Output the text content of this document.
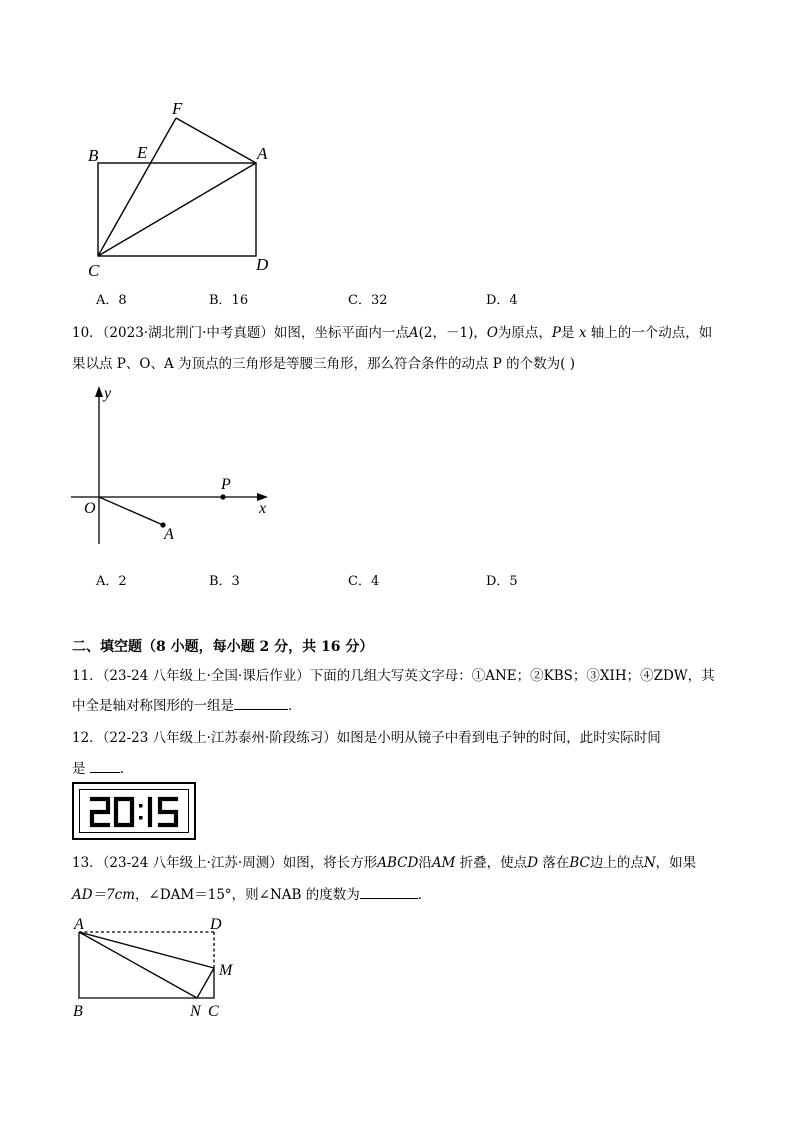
F
B E	A
C	D
A．8	B．16	C．32	D．4
10．（2023·湖北荆门·中考真题）如图，坐标平面内一点A(2，－1)，O为原点，P是 x 轴上的一个动点，如
果以点 P、O、A 为顶点的三角形是等腰三角形，那么符合条件的动点 P 的个数为( )
y
O
P
x
A
A．2	B．3	C．4	D．5
二、填空题（8 小题，每小题 2 分，共 16 分）
11．（23-24 八年级上·全国·课后作业）下面的几组大写英文字母：①ANE；②KBS；③XIH；④ZDW，其
中全是轴对称图形的一组是	．
12．（22-23 八年级上·江苏泰州·阶段练习）如图是小明从镜子中看到电子钟的时间，此时实际时间
是	．
13．（23-24 八年级上·江苏·周测）如图，将长方形ABCD沿AM 折叠，使点D 落在BC边上的点N，如果
AD＝7cm，∠DAM＝15°，则∠NAB 的度数为	．
A	D
M
B	N C
